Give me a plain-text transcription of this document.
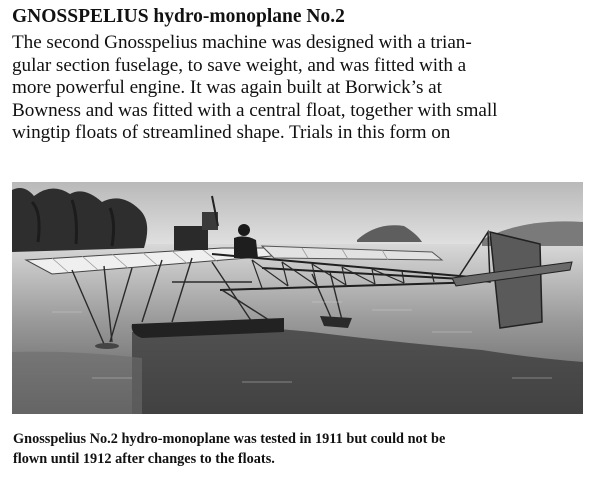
GNOSSPELIUS hydro-monoplane No.2
The second Gnosspelius machine was designed with a trian-
gular section fuselage, to save weight, and was fitted with a
more powerful engine. It was again built at Borwick’s at
Bowness and was fitted with a central float, together with small
wingtip floats of streamlined shape. Trials in this form on
Gnosspelius No.2 hydro-monoplane was tested in 1911 but could not be
flown until 1912 after changes to the floats.
